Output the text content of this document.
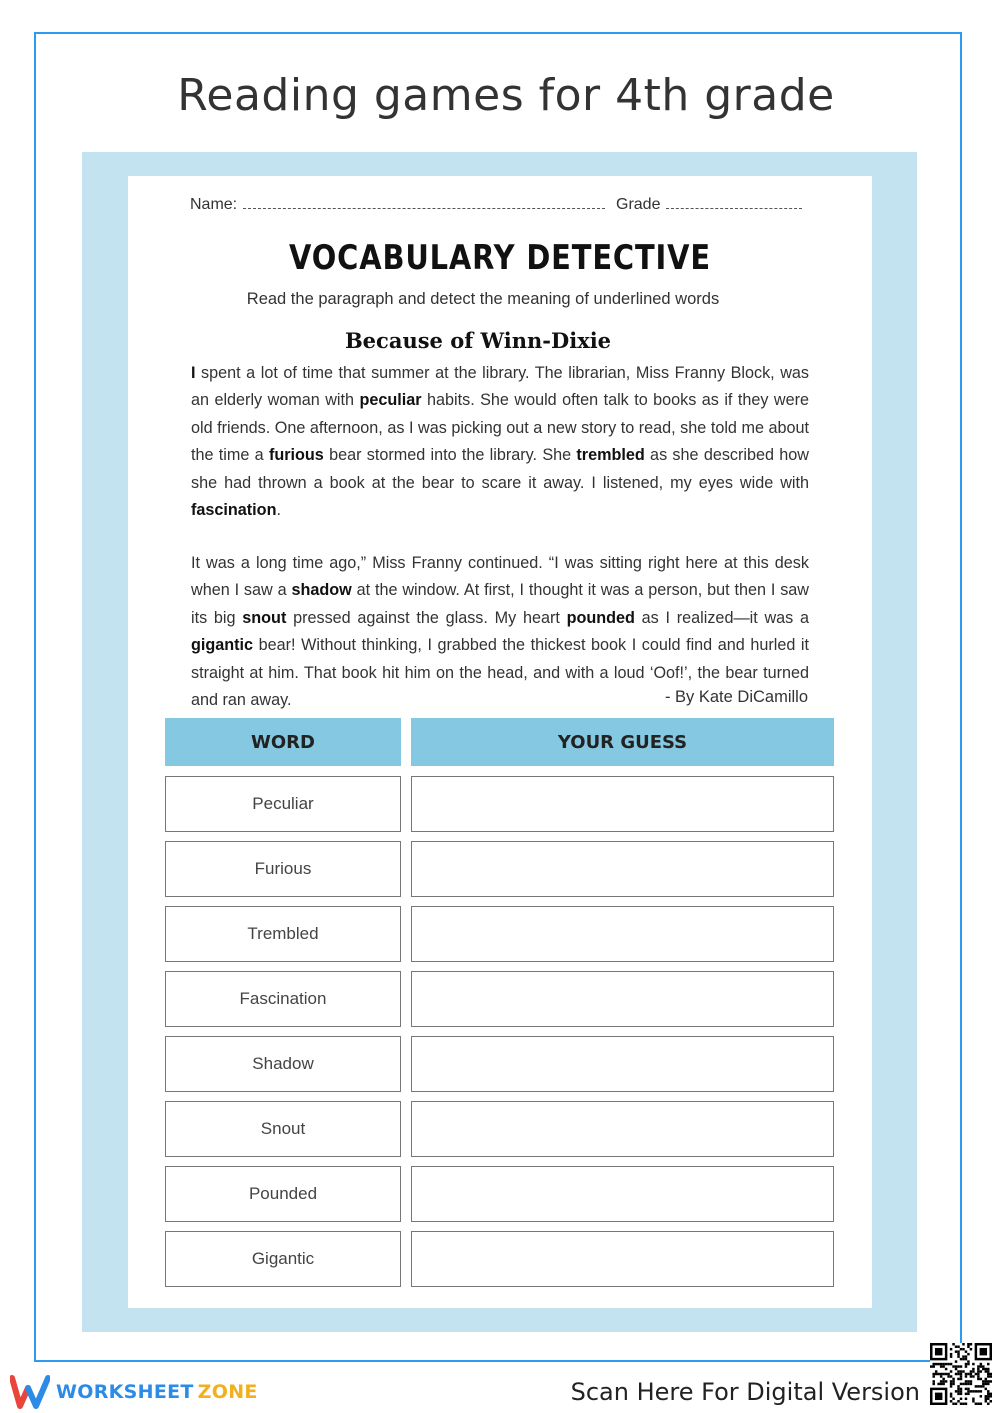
Reading games for 4th grade
Name:	Grade
VOCABULARY DETECTIVE
Read the paragraph and detect the meaning of underlined words
Because of Winn-Dixie
I spent a lot of time that summer at the library. The librarian, Miss Franny Block, was an elderly woman with peculiar habits. She would often talk to books as if they were old friends. One afternoon, as I was picking out a new story to read, she told me about the time a furious bear stormed into the library. She trembled as she described how she had thrown a book at the bear to scare it away. I listened, my eyes wide with fascination.
It was a long time ago,” Miss Franny continued. “I was sitting right here at this desk when I saw a shadow at the window. At first, I thought it was a person, but then I saw its big snout pressed against the glass. My heart pounded as I realized—it was a gigantic bear! Without thinking, I grabbed the thickest book I could find and hurled it straight at him. That book hit him on the head, and with a loud ‘Oof!’, the bear turned and ran away.	- By Kate DiCamillo
WORD	YOUR GUESS
Peculiar
Furious
Trembled
Fascination
Shadow
Snout
Pounded
Gigantic
WORKSHEET ZONE	Scan Here For Digital Version
